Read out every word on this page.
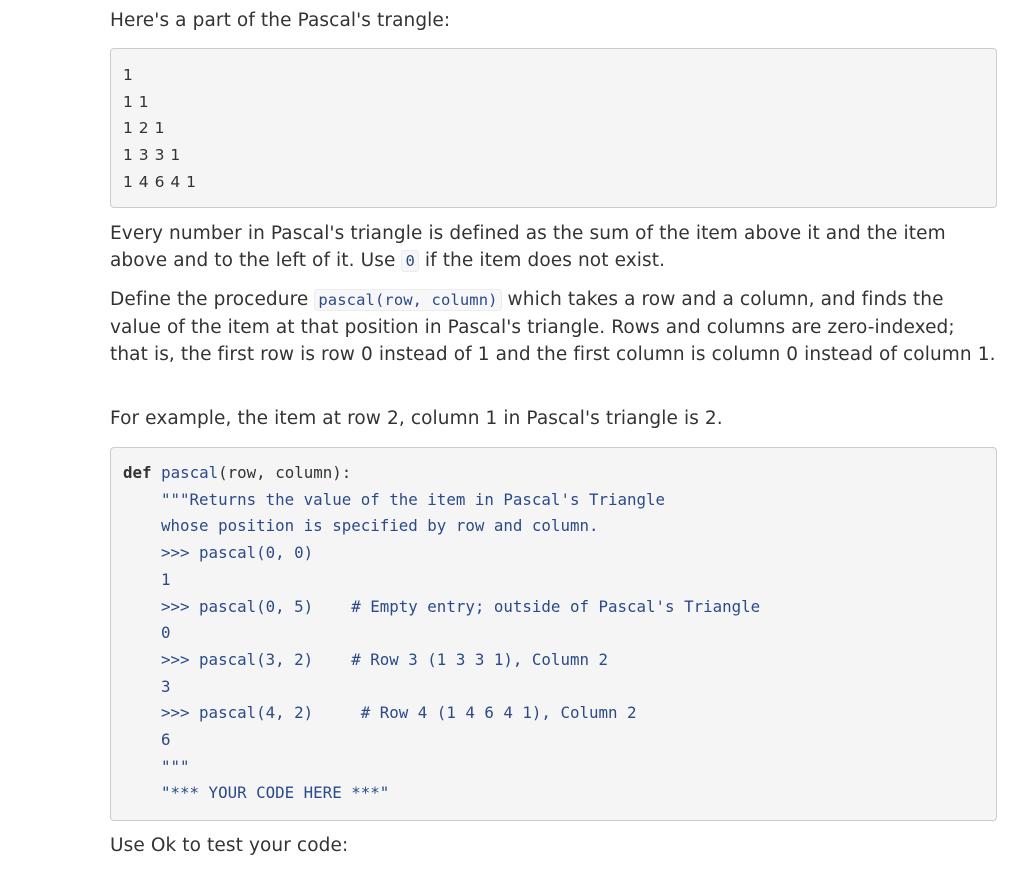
Here's a part of the Pascal's trangle:

1
1 1
1 2 1
1 3 3 1
1 4 6 4 1

Every number in Pascal's triangle is defined as the sum of the item above it and the item above and to the left of it. Use 0 if the item does not exist.

Define the procedure pascal(row, column) which takes a row and a column, and finds the value of the item at that position in Pascal's triangle. Rows and columns are zero-indexed; that is, the first row is row 0 instead of 1 and the first column is column 0 instead of column 1.

For example, the item at row 2, column 1 in Pascal's triangle is 2.

def pascal(row, column):
"""Returns the value of the item in Pascal's Triangle
whose position is specified by row and column.
>>> pascal(0, 0)
1
>>> pascal(0, 5)    # Empty entry; outside of Pascal's Triangle
0
>>> pascal(3, 2)    # Row 3 (1 3 3 1), Column 2
3
>>> pascal(4, 2)     # Row 4 (1 4 6 4 1), Column 2
6
"""
"*** YOUR CODE HERE ***"

Use Ok to test your code:
